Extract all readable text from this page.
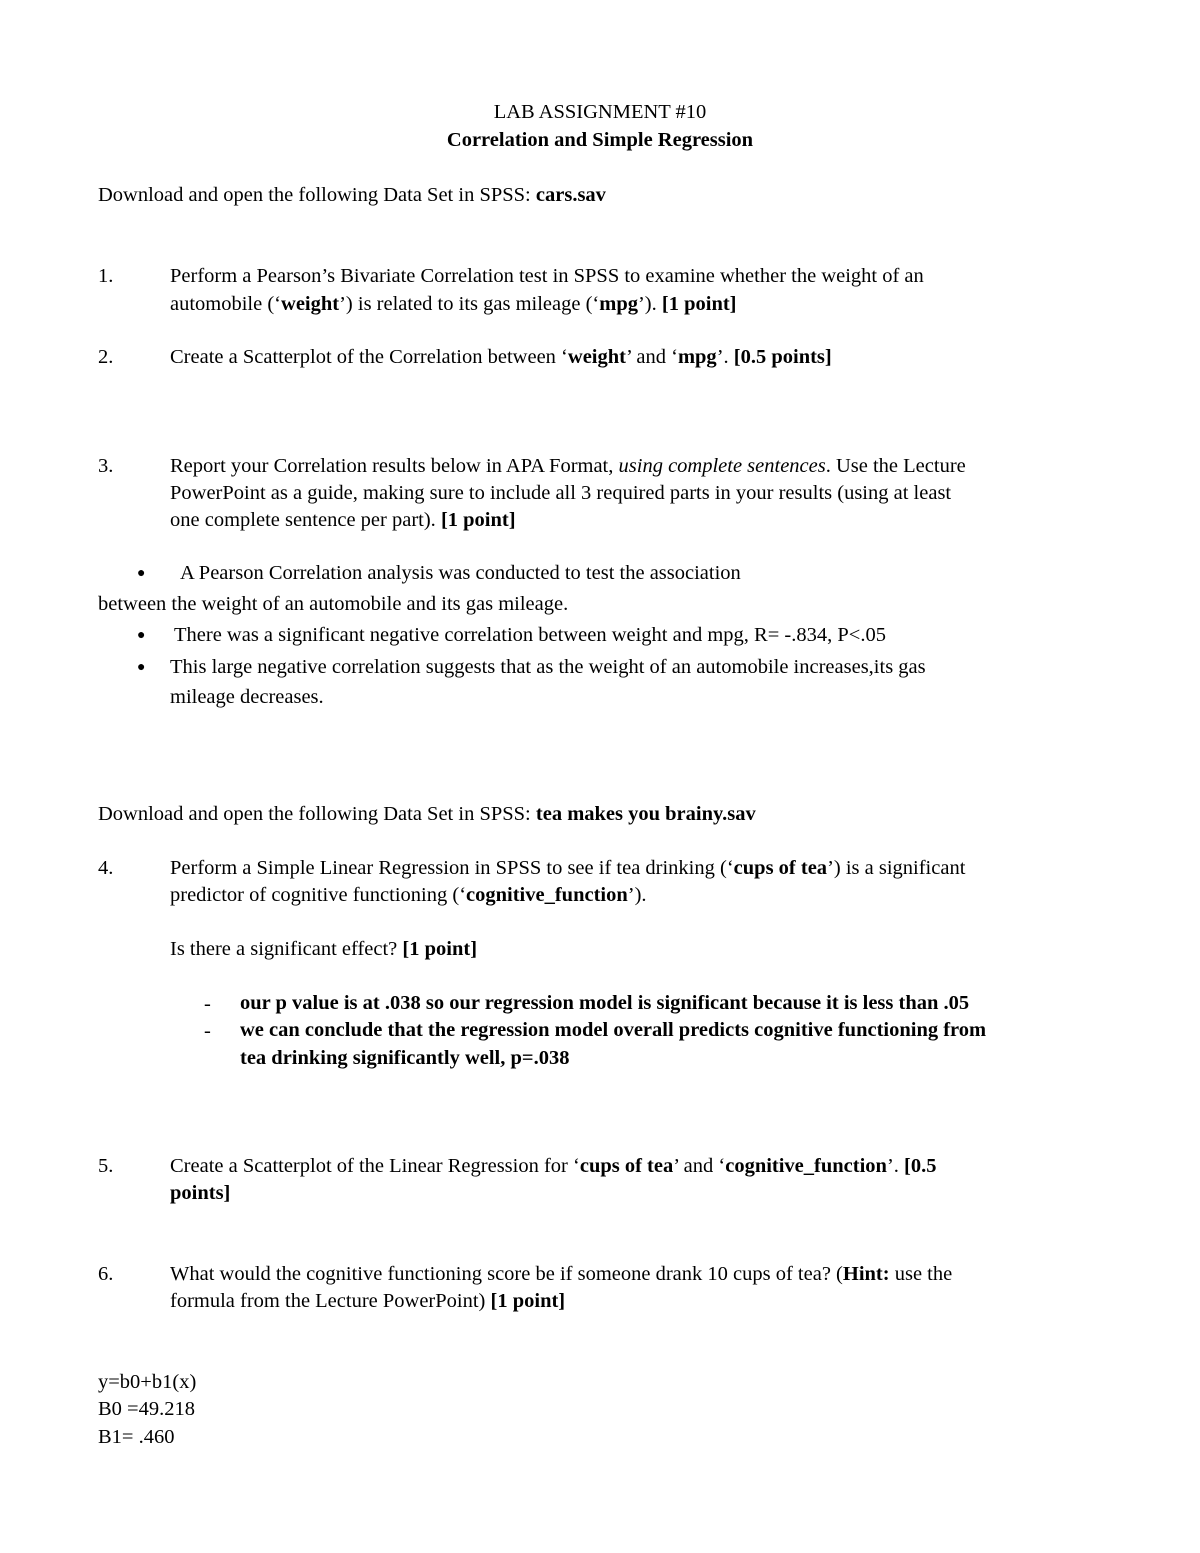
LAB ASSIGNMENT #10
Correlation and Simple Regression
Download and open the following Data Set in SPSS: cars.sav
1.	Perform a Pearson’s Bivariate Correlation test in SPSS to examine whether the weight of an
automobile (‘weight’) is related to its gas mileage (‘mpg’). [1 point]
2.	Create a Scatterplot of the Correlation between ‘weight’ and ‘mpg’. [0.5 points]
3.	Report your Correlation results below in APA Format, using complete sentences. Use the Lecture
PowerPoint as a guide, making sure to include all 3 required parts in your results (using at least
one complete sentence per part). [1 point]
● A Pearson Correlation analysis was conducted to test the association
between the weight of an automobile and its gas mileage.
● There was a significant negative correlation between weight and mpg, R= -.834, P<.05
● This large negative correlation suggests that as the weight of an automobile increases,its gas
mileage decreases.
Download and open the following Data Set in SPSS: tea makes you brainy.sav
4.	Perform a Simple Linear Regression in SPSS to see if tea drinking (‘cups of tea’) is a significant
predictor of cognitive functioning (‘cognitive_function’).
Is there a significant effect? [1 point]
- our p value is at .038 so our regression model is significant because it is less than .05
- we can conclude that the regression model overall predicts cognitive functioning from
tea drinking significantly well, p=.038
5.	Create a Scatterplot of the Linear Regression for ‘cups of tea’ and ‘cognitive_function’. [0.5
points]
6.	What would the cognitive functioning score be if someone drank 10 cups of tea? (Hint: use the
formula from the Lecture PowerPoint) [1 point]
y=b0+b1(x)
B0 =49.218
B1= .460
